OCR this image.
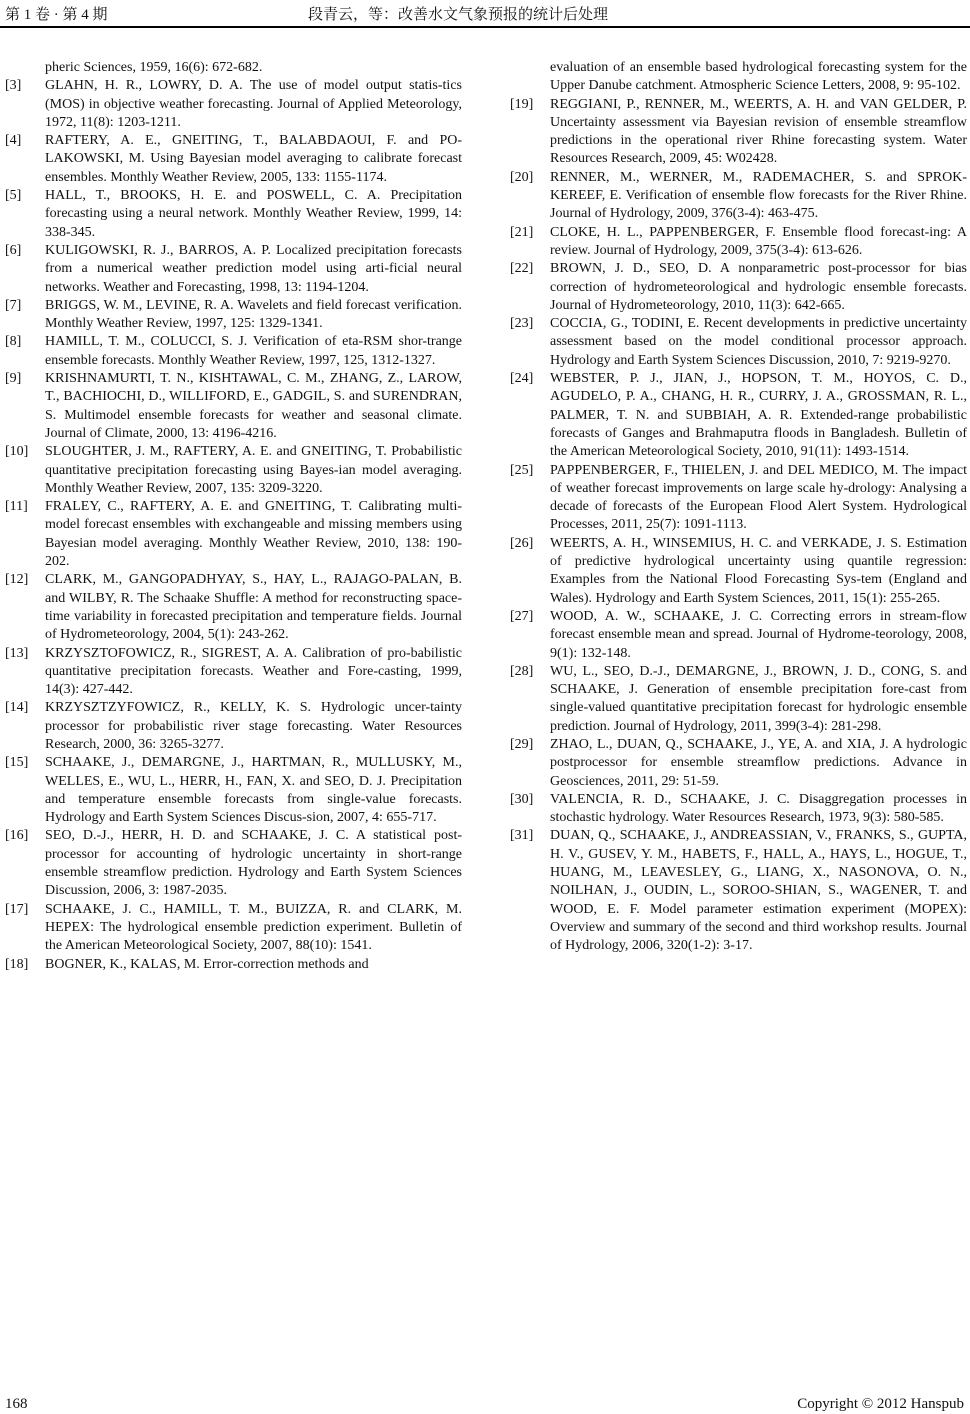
第 1 卷 · 第 4 期	段青云，等：改善水文气象预报的统计后处理
pheric Sciences, 1959, 16(6): 672-682.
[3]	GLAHN, H. R., LOWRY, D. A. The use of model output statis-tics (MOS) in objective weather forecasting. Journal of Applied Meteorology, 1972, 11(8): 1203-1211.
[4]	RAFTERY, A. E., GNEITING, T., BALABDAOUI, F. and PO-LAKOWSKI, M. Using Bayesian model averaging to calibrate forecast ensembles. Monthly Weather Review, 2005, 133: 1155-1174.
[5]	HALL, T., BROOKS, H. E. and POSWELL, C. A. Precipitation forecasting using a neural network. Monthly Weather Review, 1999, 14: 338-345.
[6]	KULIGOWSKI, R. J., BARROS, A. P. Localized precipitation forecasts from a numerical weather prediction model using arti-ficial neural networks. Weather and Forecasting, 1998, 13: 1194-1204.
[7]	BRIGGS, W. M., LEVINE, R. A. Wavelets and field forecast verification. Monthly Weather Review, 1997, 125: 1329-1341.
[8]	HAMILL, T. M., COLUCCI, S. J. Verification of eta-RSM shor-trange ensemble forecasts. Monthly Weather Review, 1997, 125, 1312-1327.
[9]	KRISHNAMURTI, T. N., KISHTAWAL, C. M., ZHANG, Z., LAROW, T., BACHIOCHI, D., WILLIFORD, E., GADGIL, S. and SURENDRAN, S. Multimodel ensemble forecasts for weather and seasonal climate. Journal of Climate, 2000, 13: 4196-4216.
[10]	SLOUGHTER, J. M., RAFTERY, A. E. and GNEITING, T. Probabilistic quantitative precipitation forecasting using Bayes-ian model averaging. Monthly Weather Review, 2007, 135: 3209-3220.
[11]	FRALEY, C., RAFTERY, A. E. and GNEITING, T. Calibrating multi-model forecast ensembles with exchangeable and missing members using Bayesian model averaging. Monthly Weather Review, 2010, 138: 190-202.
[12]	CLARK, M., GANGOPADHYAY, S., HAY, L., RAJAGO-PALAN, B. and WILBY, R. The Schaake Shuffle: A method for reconstructing space-time variability in forecasted precipitation and temperature fields. Journal of Hydrometeorology, 2004, 5(1): 243-262.
[13]	KRZYSZTOFOWICZ, R., SIGREST, A. A. Calibration of pro-babilistic quantitative precipitation forecasts. Weather and Fore-casting, 1999, 14(3): 427-442.
[14]	KRZYSZTZYFOWICZ, R., KELLY, K. S. Hydrologic uncer-tainty processor for probabilistic river stage forecasting. Water Resources Research, 2000, 36: 3265-3277.
[15]	SCHAAKE, J., DEMARGNE, J., HARTMAN, R., MULLUSKY, M., WELLES, E., WU, L., HERR, H., FAN, X. and SEO, D. J. Precipitation and temperature ensemble forecasts from single-value forecasts. Hydrology and Earth System Sciences Discus-sion, 2007, 4: 655-717.
[16]	SEO, D.-J., HERR, H. D. and SCHAAKE, J. C. A statistical post-processor for accounting of hydrologic uncertainty in short-range ensemble streamflow prediction. Hydrology and Earth System Sciences Discussion, 2006, 3: 1987-2035.
[17]	SCHAAKE, J. C., HAMILL, T. M., BUIZZA, R. and CLARK, M. HEPEX: The hydrological ensemble prediction experiment. Bulletin of the American Meteorological Society, 2007, 88(10): 1541.
[18]	BOGNER, K., KALAS, M. Error-correction methods and
evaluation of an ensemble based hydrological forecasting system for the Upper Danube catchment. Atmospheric Science Letters, 2008, 9: 95-102.
[19]	REGGIANI, P., RENNER, M., WEERTS, A. H. and VAN GELDER, P. Uncertainty assessment via Bayesian revision of ensemble streamflow predictions in the operational river Rhine forecasting system. Water Resources Research, 2009, 45: W02428.
[20]	RENNER, M., WERNER, M., RADEMACHER, S. and SPROK-KEREEF, E. Verification of ensemble flow forecasts for the River Rhine. Journal of Hydrology, 2009, 376(3-4): 463-475.
[21]	CLOKE, H. L., PAPPENBERGER, F. Ensemble flood forecast-ing: A review. Journal of Hydrology, 2009, 375(3-4): 613-626.
[22]	BROWN, J. D., SEO, D. A nonparametric post-processor for bias correction of hydrometeorological and hydrologic ensemble forecasts. Journal of Hydrometeorology, 2010, 11(3): 642-665.
[23]	COCCIA, G., TODINI, E. Recent developments in predictive uncertainty assessment based on the model conditional processor approach. Hydrology and Earth System Sciences Discussion, 2010, 7: 9219-9270.
[24]	WEBSTER, P. J., JIAN, J., HOPSON, T. M., HOYOS, C. D., AGUDELO, P. A., CHANG, H. R., CURRY, J. A., GROSSMAN, R. L., PALMER, T. N. and SUBBIAH, A. R. Extended-range probabilistic forecasts of Ganges and Brahmaputra floods in Bangladesh. Bulletin of the American Meteorological Society, 2010, 91(11): 1493-1514.
[25]	PAPPENBERGER, F., THIELEN, J. and DEL MEDICO, M. The impact of weather forecast improvements on large scale hy-drology: Analysing a decade of forecasts of the European Flood Alert System. Hydrological Processes, 2011, 25(7): 1091-1113.
[26]	WEERTS, A. H., WINSEMIUS, H. C. and VERKADE, J. S. Estimation of predictive hydrological uncertainty using quantile regression: Examples from the National Flood Forecasting Sys-tem (England and Wales). Hydrology and Earth System Sciences, 2011, 15(1): 255-265.
[27]	WOOD, A. W., SCHAAKE, J. C. Correcting errors in stream-flow forecast ensemble mean and spread. Journal of Hydrome-teorology, 2008, 9(1): 132-148.
[28]	WU, L., SEO, D.-J., DEMARGNE, J., BROWN, J. D., CONG, S. and SCHAAKE, J. Generation of ensemble precipitation fore-cast from single-valued quantitative precipitation forecast for hydrologic ensemble prediction. Journal of Hydrology, 2011, 399(3-4): 281-298.
[29]	ZHAO, L., DUAN, Q., SCHAAKE, J., YE, A. and XIA, J. A hydrologic postprocessor for ensemble streamflow predictions. Advance in Geosciences, 2011, 29: 51-59.
[30]	VALENCIA, R. D., SCHAAKE, J. C. Disaggregation processes in stochastic hydrology. Water Resources Research, 1973, 9(3): 580-585.
[31]	DUAN, Q., SCHAAKE, J., ANDREASSIAN, V., FRANKS, S., GUPTA, H. V., GUSEV, Y. M., HABETS, F., HALL, A., HAYS, L., HOGUE, T., HUANG, M., LEAVESLEY, G., LIANG, X., NASONOVA, O. N., NOILHAN, J., OUDIN, L., SOROO-SHIAN, S., WAGENER, T. and WOOD, E. F. Model parameter estimation experiment (MOPEX): Overview and summary of the second and third workshop results. Journal of Hydrology, 2006, 320(1-2): 3-17.
168	Copyright © 2012 Hanspub
